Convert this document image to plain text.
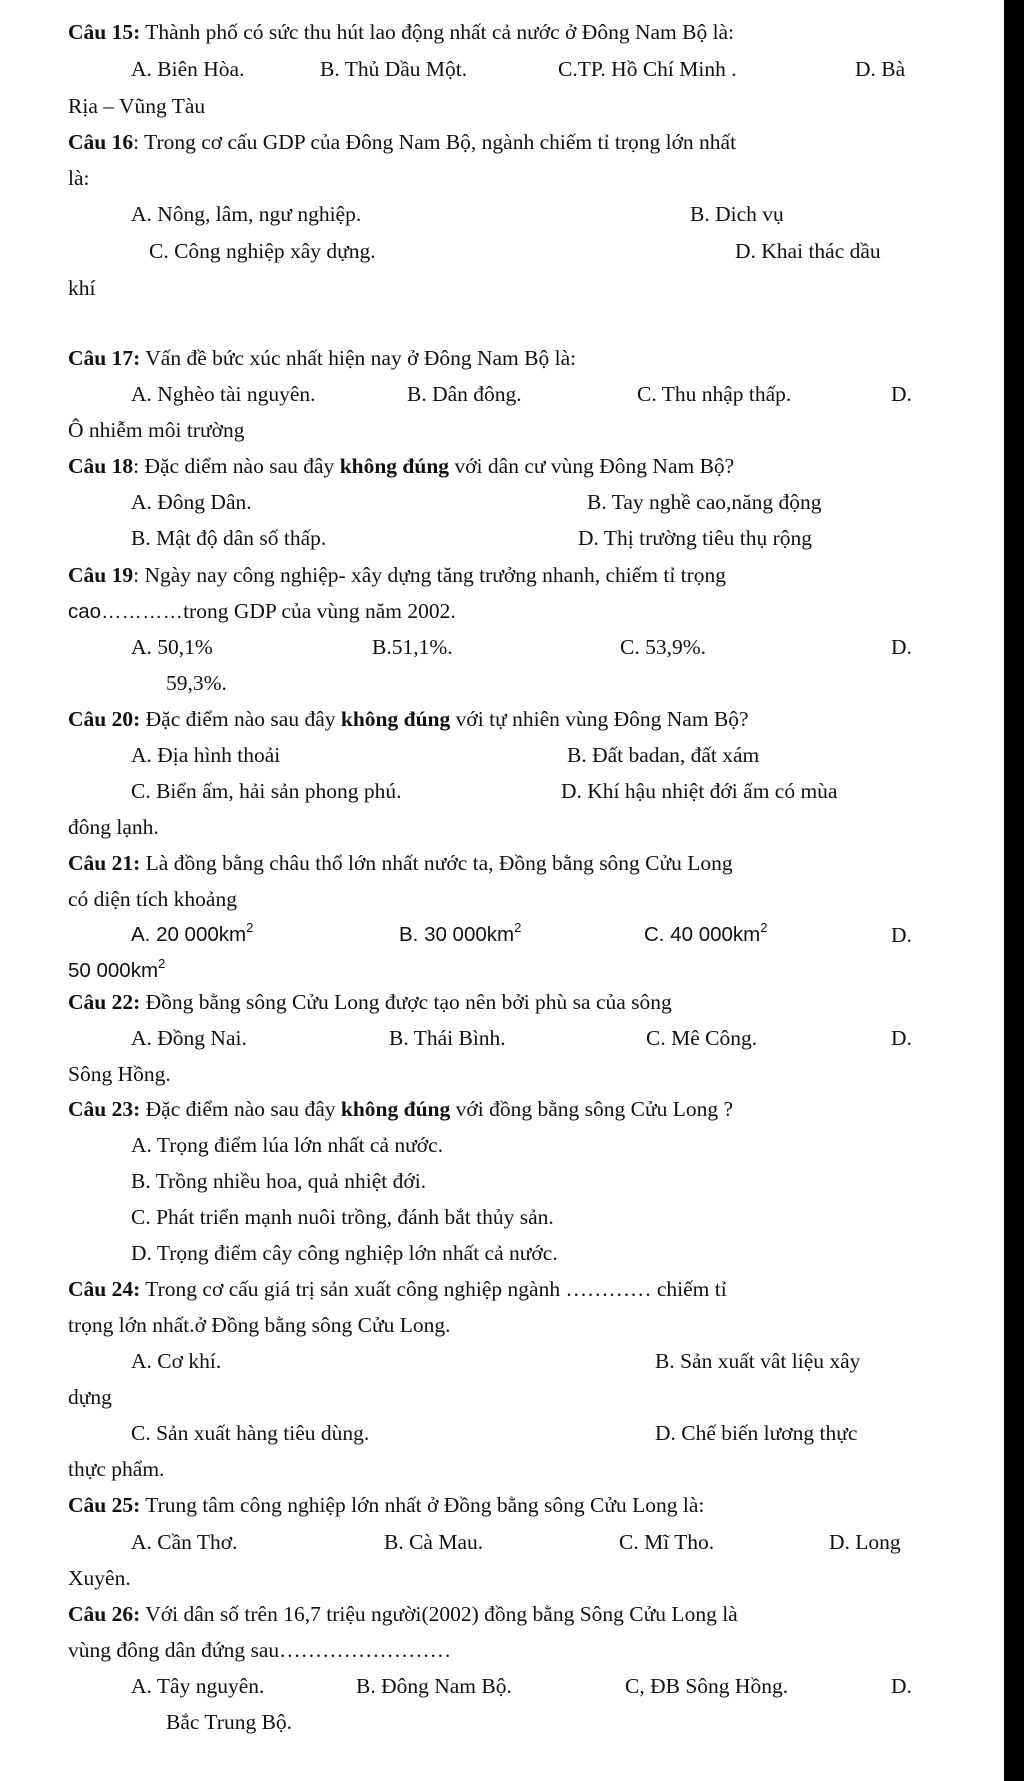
Câu 15: Thành phố có sức thu hút lao động nhất cả nước ở Đông Nam Bộ là:
A. Biên Hòa.	B. Thủ Dầu Một.	C.TP. Hồ Chí Minh .	D. Bà
Rịa – Vũng Tàu
Câu 16: Trong cơ cấu GDP của Đông Nam Bộ, ngành chiếm tỉ trọng lớn nhất
là:
A. Nông, lâm, ngư nghiệp.	B. Dich vụ
C. Công nghiệp xây dựng.	D. Khai thác dầu
khí
Câu 17: Vấn đề bức xúc nhất hiện nay ở Đông Nam Bộ là:
A. Nghèo tài nguyên.	B. Dân đông.	C. Thu nhập thấp.	D.
Ô nhiễm môi trường
Câu 18: Đặc diểm nào sau đây không đúng với dân cư vùng Đông Nam Bộ?
A. Đông Dân.	B. Tay nghề cao,năng động
B. Mật độ dân số thấp.	D. Thị trường tiêu thụ rộng
Câu 19: Ngày nay công nghiệp- xây dựng tăng trưởng nhanh, chiếm tỉ trọng
cao…………trong GDP của vùng năm 2002.
A. 50,1%	B.51,1%.	C. 53,9%.	D.
59,3%.
Câu 20: Đặc điểm nào sau đây không đúng với tự nhiên vùng Đông Nam Bộ?
A. Địa hình thoải	B. Đất badan, đất xám
C. Biển ấm, hải sản phong phú.	D. Khí hậu nhiệt đới ẩm có mùa
đông lạnh.
Câu 21: Là đồng bằng châu thổ lớn nhất nước ta, Đồng bằng sông Cửu Long
có diện tích khoảng
A. 20 $000km^2$	B. 30 $000km^2$	C. 40 $000km^2$	D.
50 $000km^2$
Câu 22: Đồng bằng sông Cửu Long được tạo nên bởi phù sa của sông
A. Đồng Nai.	B. Thái Bình.	C. Mê Công.	D.
Sông Hồng.
Câu 23: Đặc điểm nào sau đây không đúng với đồng bằng sông Cửu Long ?
A. Trọng điểm lúa lớn nhất cả nước.
B. Trồng nhiều hoa, quả nhiệt đới.
C. Phát triển mạnh nuôi trồng, đánh bắt thủy sản.
D. Trọng điểm cây công nghiệp lớn nhất cả nước.
Câu 24: Trong cơ cấu giá trị sản xuất công nghiệp ngành ………… chiếm tỉ
trọng lớn nhất.ở Đồng bằng sông Cửu Long.
A. Cơ khí.	B. Sản xuất vât liệu xây
dựng
C. Sản xuất hàng tiêu dùng.	D. Chế biến lương thực
thực phẩm.
Câu 25: Trung tâm công nghiệp lớn nhất ở Đồng bằng sông Cửu Long là:
A. Cần Thơ.	B. Cà Mau.	C. Mĩ Tho.	D. Long
Xuyên.
Câu 26: Với dân số trên 16,7 triệu người(2002) đồng bằng Sông Cửu Long là
vùng đông dân đứng sau……………………
A. Tây nguyên.	B. Đông Nam Bộ.	C, ĐB Sông Hồng.	D.
Bắc Trung Bộ.
